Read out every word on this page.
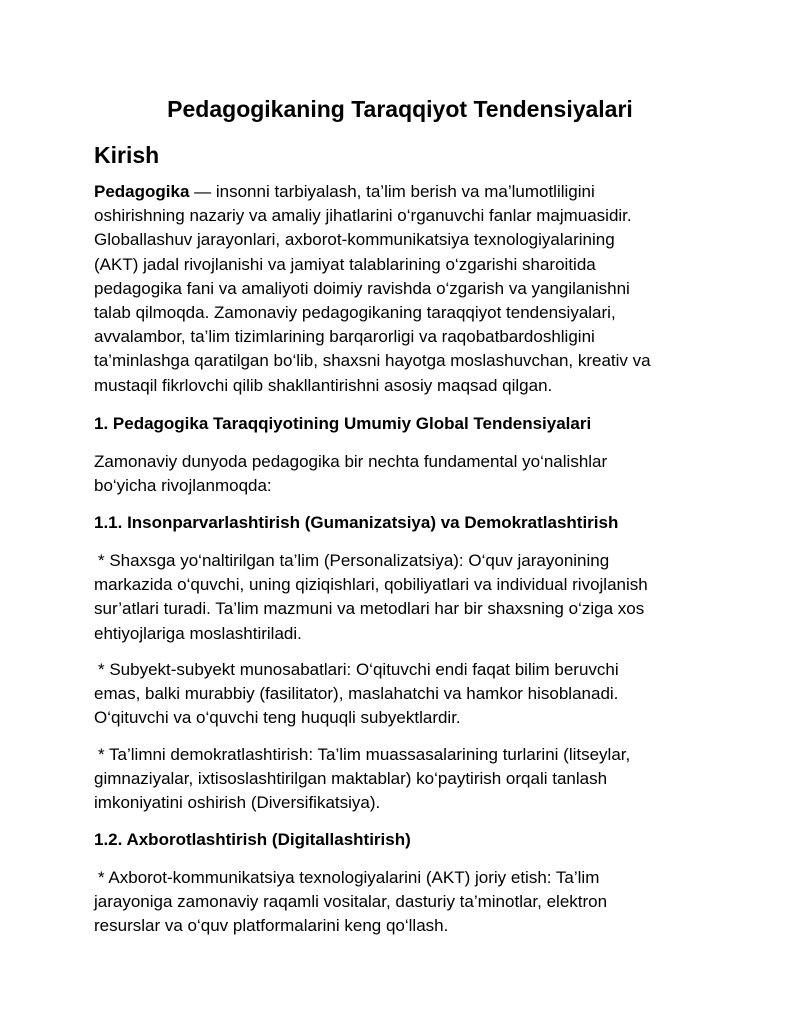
Pedagogikaning Taraqqiyot Tendensiyalari
Kirish
Pedagogika — insonni tarbiyalash, ta’lim berish va ma’lumotliligini
oshirishning nazariy va amaliy jihatlarini o‘rganuvchi fanlar majmuasidir.
Globallashuv jarayonlari, axborot-kommunikatsiya texnologiyalarining
(AKT) jadal rivojlanishi va jamiyat talablarining o‘zgarishi sharoitida
pedagogika fani va amaliyoti doimiy ravishda o‘zgarish va yangilanishni
talab qilmoqda. Zamonaviy pedagogikaning taraqqiyot tendensiyalari,
avvalambor, ta’lim tizimlarining barqarorligi va raqobatbardoshligini
ta’minlashga qaratilgan bo‘lib, shaxsni hayotga moslashuvchan, kreativ va
mustaqil fikrlovchi qilib shakllantirishni asosiy maqsad qilgan.
1. Pedagogika Taraqqiyotining Umumiy Global Tendensiyalari
Zamonaviy dunyoda pedagogika bir nechta fundamental yo‘nalishlar
bo‘yicha rivojlanmoqda:
1.1. Insonparvarlashtirish (Gumanizatsiya) va Demokratlashtirish
* Shaxsga yo‘naltirilgan ta’lim (Personalizatsiya): O‘quv jarayonining
markazida o‘quvchi, uning qiziqishlari, qobiliyatlari va individual rivojlanish
sur’atlari turadi. Ta’lim mazmuni va metodlari har bir shaxsning o‘ziga xos
ehtiyojlariga moslashtiriladi.
* Subyekt-subyekt munosabatlari: O‘qituvchi endi faqat bilim beruvchi
emas, balki murabbiy (fasilitator), maslahatchi va hamkor hisoblanadi.
O‘qituvchi va o‘quvchi teng huquqli subyektlardir.
* Ta’limni demokratlashtirish: Ta’lim muassasalarining turlarini (litseylar,
gimnaziyalar, ixtisoslashtirilgan maktablar) ko‘paytirish orqali tanlash
imkoniyatini oshirish (Diversifikatsiya).
1.2. Axborotlashtirish (Digitallashtirish)
* Axborot-kommunikatsiya texnologiyalarini (AKT) joriy etish: Ta’lim
jarayoniga zamonaviy raqamli vositalar, dasturiy ta’minotlar, elektron
resurslar va o‘quv platformalarini keng qo‘llash.
